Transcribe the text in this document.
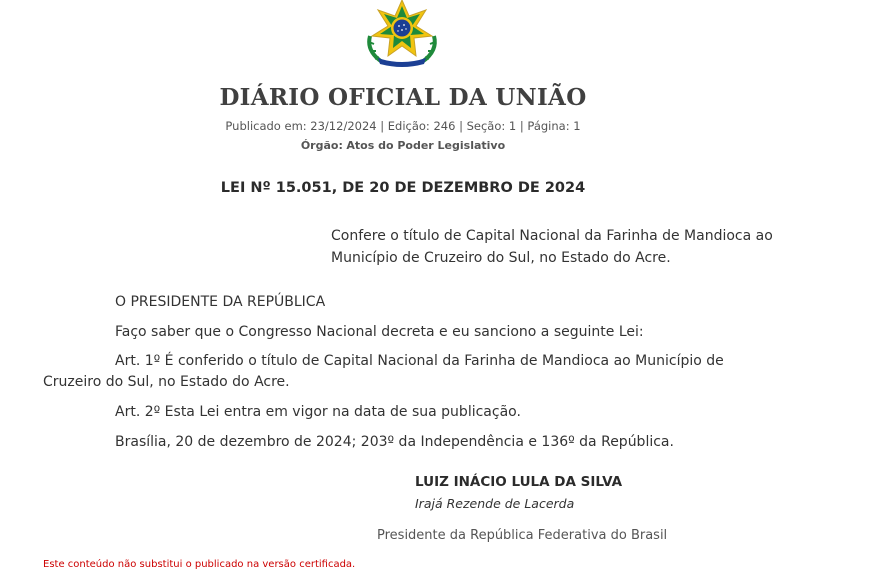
DIÁRIO OFICIAL DA UNIÃO
Publicado em: 23/12/2024 | Edição: 246 | Seção: 1 | Página: 1
Órgão: Atos do Poder Legislativo
LEI Nº 15.051, DE 20 DE DEZEMBRO DE 2024
Confere o título de Capital Nacional da Farinha de Mandioca ao
Município de Cruzeiro do Sul, no Estado do Acre.
O PRESIDENTE DA REPÚBLICA
Faço saber que o Congresso Nacional decreta e eu sanciono a seguinte Lei:
Art. 1º É conferido o título de Capital Nacional da Farinha de Mandioca ao Município de Cruzeiro do Sul, no Estado do Acre.
Art. 2º Esta Lei entra em vigor na data de sua publicação.
Brasília, 20 de dezembro de 2024; 203º da Independência e 136º da República.
LUIZ INÁCIO LULA DA SILVA
Irajá Rezende de Lacerda
Presidente da República Federativa do Brasil
Este conteúdo não substitui o publicado na versão certificada.
